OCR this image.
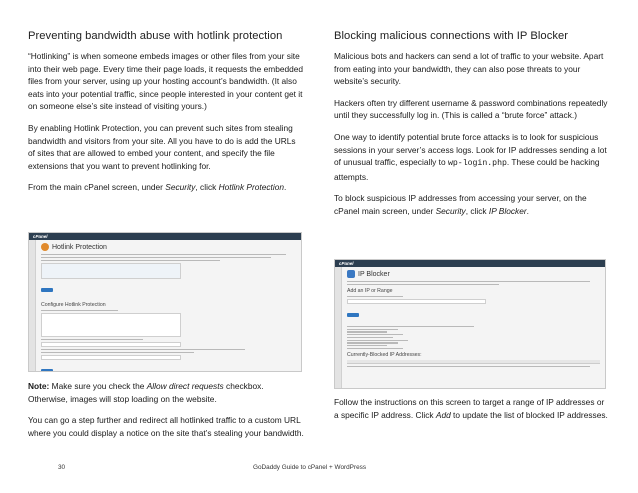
Preventing bandwidth abuse with hotlink protection

“Hotlinking” is when someone embeds images or other files from your site into their web page. Every time their page loads, it requests the embedded files from your server, using up your hosting account’s bandwidth. (It also eats into your potential traffic, since people interested in your content get it on someone else’s site instead of visiting yours.)

By enabling Hotlink Protection, you can prevent such sites from stealing bandwidth and visitors from your site. All you have to do is add the URLs of sites that are allowed to embed your content, and specify the file extensions that you want to prevent hotlinking for.

From the main cPanel screen, under Security, click Hotlink Protection.

cPanel
Hotlink Protection
Configure Hotlink Protection

Note: Make sure you check the Allow direct requests checkbox. Otherwise, images will stop loading on the website.

You can go a step further and redirect all hotlinked traffic to a custom URL where you could display a notice on the site that’s stealing your bandwidth.

Blocking malicious connections with IP Blocker

Malicious bots and hackers can send a lot of traffic to your website. Apart from eating into your bandwidth, they can also pose threats to your website’s security.

Hackers often try different username & password combinations repeatedly until they successfully log in. (This is called a “brute force” attack.)

One way to identify potential brute force attacks is to look for suspicious sessions in your server’s access logs. Look for IP addresses sending a lot of unusual traffic, especially to wp-login.php. These could be hacking attempts.

To block suspicious IP addresses from accessing your server, on the cPanel main screen, under Security, click IP Blocker.

cPanel
IP Blocker
Add an IP or Range
Currently-Blocked IP Addresses:

Follow the instructions on this screen to target a range of IP addresses or a specific IP address. Click Add to update the list of blocked IP addresses.

30	GoDaddy Guide to cPanel + WordPress
